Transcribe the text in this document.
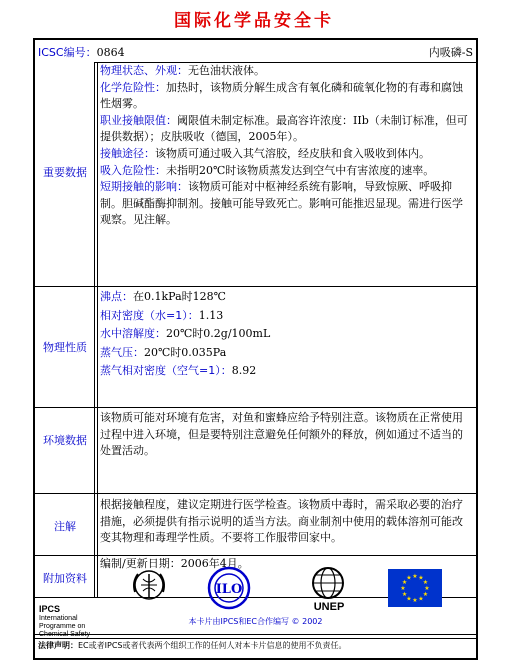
国际化学品安全卡
ICSC编号：0864	内吸磷-S
重要数据

物理状态、外观：无色油状液体。

化学危险性：加热时，该物质分解生成含有氧化磷和硫氧化物的有毒和腐蚀性烟雾。

职业接触限值：阈限值未制定标准。最高容许浓度：IIb（未制订标准，但可提供数据）；皮肤吸收（德国，2005年）。

接触途径：该物质可通过吸入其气溶胶，经皮肤和食入吸收到体内。

吸入危险性：未指明20℃时该物质蒸发达到空气中有害浓度的速率。

短期接触的影响：该物质可能对中枢神经系统有影响，导致惊厥、呼吸抑制。胆碱酯酶抑制剂。接触可能导致死亡。影响可能推迟显现。需进行医学观察。见注解。

物理性质

沸点：在0.1kPa时128℃

相对密度（水=1）：1.13

水中溶解度：20℃时0.2g/100mL

蒸气压：20℃时0.035Pa

蒸气相对密度（空气=1）：8.92

环境数据

该物质可能对环境有危害，对鱼和蜜蜂应给予特别注意。该物质在正常使用过程中进入环境，但是要特别注意避免任何额外的释放，例如通过不适当的处置活动。

注解

根据接触程度，建议定期进行医学检查。该物质中毒时，需采取必要的治疗措施，必须提供有指示说明的适当方法。商业制剂中使用的载体溶剂可能改变其物理和毒理学性质。不要将工作服带回家中。

附加资料

编制/更新日期：2006年4月。

IPCS
International
Programme on
Chemical Safety
ILO
UNEP
★ ★
★
★
★
★
★
★
★
★
★
★
本卡片由IPCS和EC合作编写 © 2002
法律声明：EC或者IPCS或者代表两个组织工作的任何人对本卡片信息的使用不负责任。
